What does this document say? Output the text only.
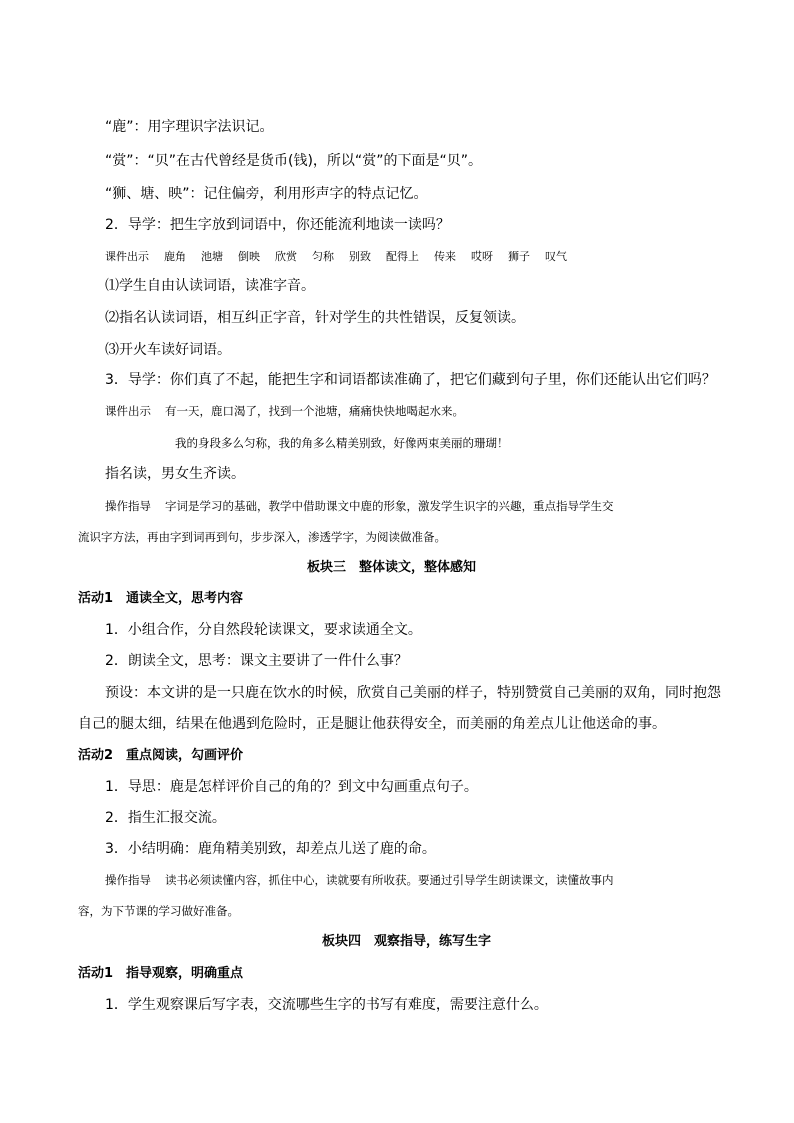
“鹿”：用字理识字法识记。
“赏”：“贝”在古代曾经是货币(钱)，所以“赏”的下面是“贝”。
“狮、塘、映”：记住偏旁，利用形声字的特点记忆。
2．导学：把生字放到词语中，你还能流利地读一读吗？
课件出示 鹿角 池塘 倒映 欣赏 匀称 别致 配得上 传来 哎呀 狮子 叹气
⑴学生自由认读词语，读准字音。
⑵指名认读词语，相互纠正字音，针对学生的共性错误，反复领读。
⑶开火车读好词语。
3．导学：你们真了不起，能把生字和词语都读准确了，把它们藏到句子里，你们还能认出它们吗？
课件出示 有一天，鹿口渴了，找到一个池塘，痛痛快快地喝起水来。
我的身段多么匀称，我的角多么精美别致，好像两束美丽的珊瑚！
指名读，男女生齐读。
操作指导 字词是学习的基础，教学中借助课文中鹿的形象，激发学生识字的兴趣，重点指导学生交
流识字方法，再由字到词再到句，步步深入，渗透学字，为阅读做准备。
板块三　整体读文，整体感知
活动1　通读全文，思考内容
1．小组合作，分自然段轮读课文，要求读通全文。
2．朗读全文，思考：课文主要讲了一件什么事？
预设：本文讲的是一只鹿在饮水的时候，欣赏自己美丽的样子，特别赞赏自己美丽的双角，同时抱怨
自己的腿太细，结果在他遇到危险时，正是腿让他获得安全，而美丽的角差点儿让他送命的事。
活动2　重点阅读，勾画评价
1．导思：鹿是怎样评价自己的角的？到文中勾画重点句子。
2．指生汇报交流。
3．小结明确：鹿角精美别致，却差点儿送了鹿的命。
操作指导 读书必须读懂内容，抓住中心，读就要有所收获。要通过引导学生朗读课文，读懂故事内
容，为下节课的学习做好准备。
板块四　观察指导，练写生字
活动1　指导观察，明确重点
1．学生观察课后写字表，交流哪些生字的书写有难度，需要注意什么。
